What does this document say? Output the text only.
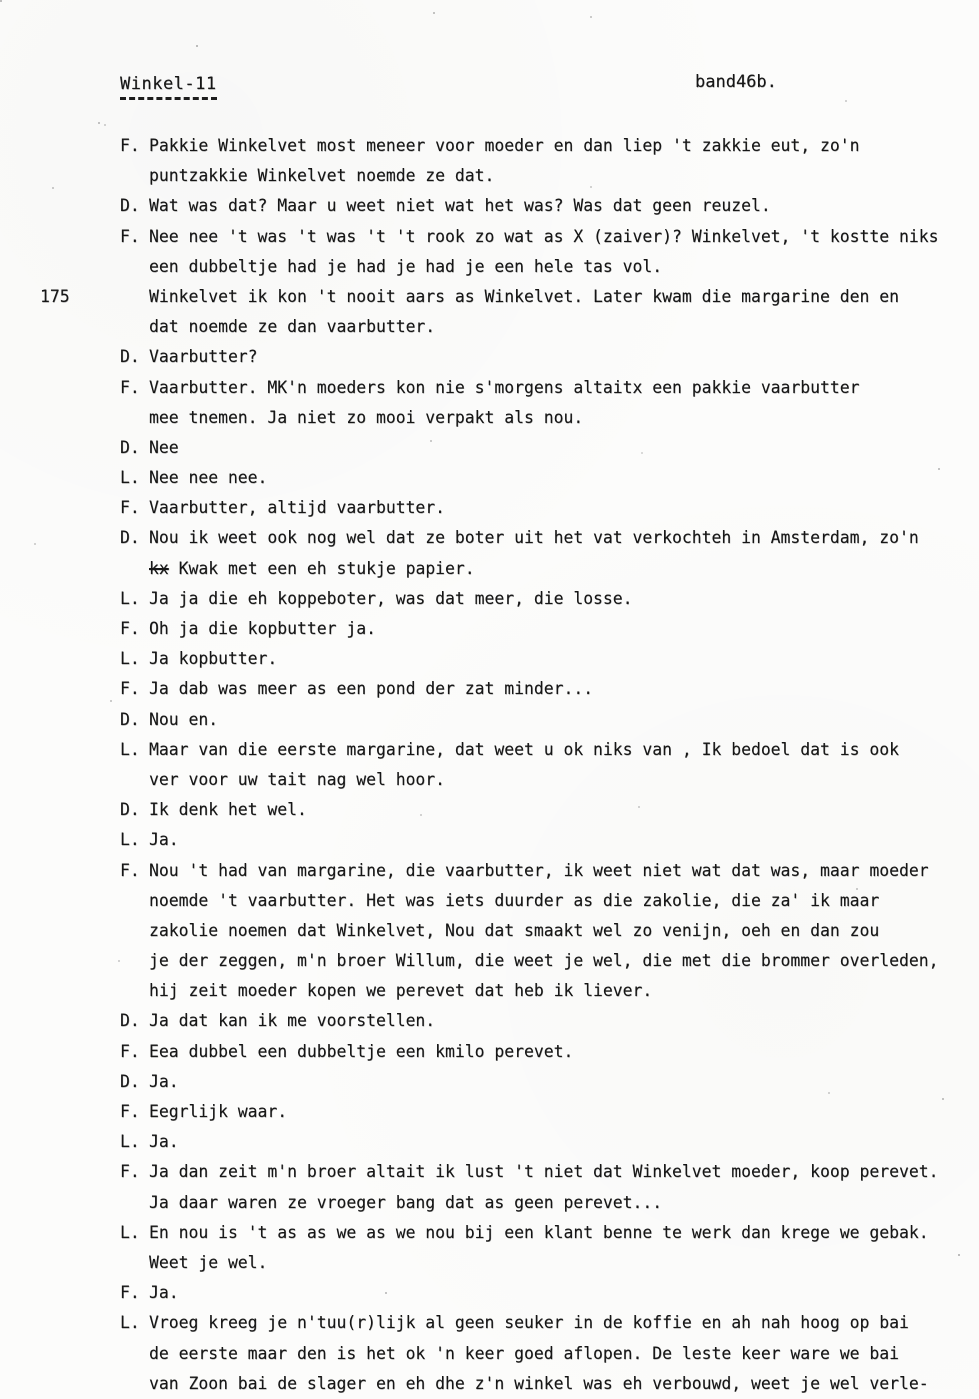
Winkel-11	band46b.
F. Pakkie Winkelvet most meneer voor moeder en dan liep 't zakkie eut, zo'n
puntzakkie Winkelvet noemde ze dat.
D. Wat was dat? Maar u weet niet wat het was? Was dat geen reuzel.
F. Nee nee 't was 't was 't 't rook zo wat as X (zaiver)? Winkelvet, 't kostte niks
een dubbeltje had je had je had je een hele tas vol.
175	Winkelvet ik kon 't nooit aars as Winkelvet. Later kwam die margarine den en
dat noemde ze dan vaarbutter.
D. Vaarbutter?
F. Vaarbutter. MK'n moeders kon nie s'morgens altaitx een pakkie vaarbutter
mee tnemen. Ja niet zo mooi verpakt als nou.
D. Nee
L. Nee nee nee.
F. Vaarbutter, altijd vaarbutter.
D. Nou ik weet ook nog wel dat ze boter uit het vat verkochteh in Amsterdam, zo'n
kx Kwak met een eh stukje papier.
L. Ja ja die eh koppeboter, was dat meer, die losse.
F. Oh ja die kopbutter ja.
L. Ja kopbutter.
F. Ja dab was meer as een pond der zat minder...
D. Nou en.
L. Maar van die eerste margarine, dat weet u ok niks van , Ik bedoel dat is ook
ver voor uw tait nag wel hoor.
D. Ik denk het wel.
L. Ja.
F. Nou 't had van margarine, die vaarbutter, ik weet niet wat dat was, maar moeder
noemde 't vaarbutter. Het was iets duurder as die zakolie, die za' ik maar
zakolie noemen dat Winkelvet, Nou dat smaakt wel zo venijn, oeh en dan zou
je der zeggen, m'n broer Willum, die weet je wel, die met die brommer overleden,
hij zeit moeder kopen we perevet dat heb ik liever.
D. Ja dat kan ik me voorstellen.
F. Eea dubbel een dubbeltje een kmilo perevet.
D. Ja.
F. Eegrlijk waar.
L. Ja.
F. Ja dan zeit m'n broer altait ik lust 't niet dat Winkelvet moeder, koop perevet.
Ja daar waren ze vroeger bang dat as geen perevet...
L. En nou is 't as as we as we nou bij een klant benne te werk dan krege we gebak.
Weet je wel.
F. Ja.
L. Vroeg kreeg je n'tuu(r)lijk al geen seuker in de koffie en ah nah hoog op bai
de eerste maar den is het ok 'n keer goed aflopen. De leste keer ware we bai
van Zoon bai de slager en eh dhe z'n winkel was eh verbouwd, weet je wel verle-
